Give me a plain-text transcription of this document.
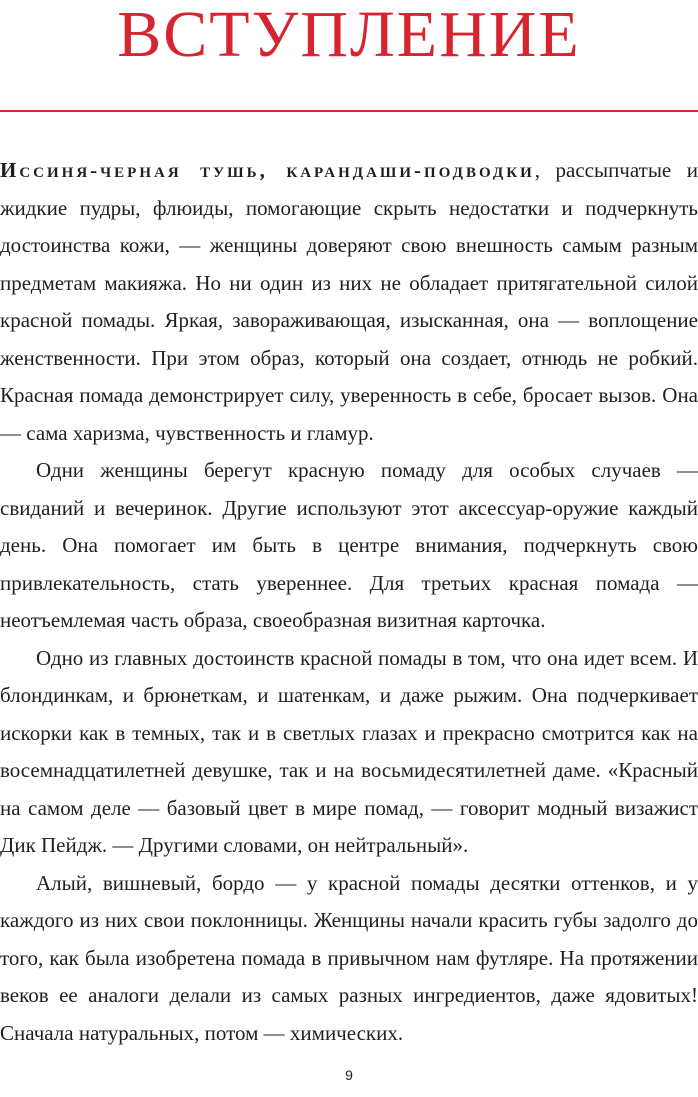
ВСТУПЛЕНИЕ

Иссиня-черная тушь, карандаши-подводки, рассыпчатые и жидкие пудры, флюиды, помогающие скрыть недостатки и подчеркнуть достоинства кожи, — женщины доверяют свою внешность самым разным предметам макияжа. Но ни один из них не обладает притягательной силой красной помады. Яркая, завораживающая, изысканная, она — воплощение женственности. При этом образ, который она создает, отнюдь не робкий. Красная помада демонстрирует силу, уверенность в себе, бросает вызов. Она — сама харизма, чувственность и гламур.

Одни женщины берегут красную помаду для особых случаев — свиданий и вечеринок. Другие используют этот аксессуар-оружие каждый день. Она помогает им быть в центре внимания, подчеркнуть свою привлекательность, стать увереннее. Для третьих красная помада — неотъемлемая часть образа, своеобразная визитная карточка.

Одно из главных достоинств красной помады в том, что она идет всем. И блондинкам, и брюнеткам, и шатенкам, и даже рыжим. Она подчеркивает искорки как в темных, так и в светлых глазах и прекрасно смотрится как на восемнадцатилетней девушке, так и на восьмидесятилетней даме. «Красный на самом деле — базовый цвет в мире помад, — говорит модный визажист Дик Пейдж. — Другими словами, он нейтральный».

Алый, вишневый, бордо — у красной помады десятки оттенков, и у каждого из них свои поклонницы. Женщины начали красить губы задолго до того, как была изобретена помада в привычном нам футляре. На протяжении веков ее аналоги делали из самых разных ингредиентов, даже ядовитых! Сначала натуральных, потом — химических.

9
